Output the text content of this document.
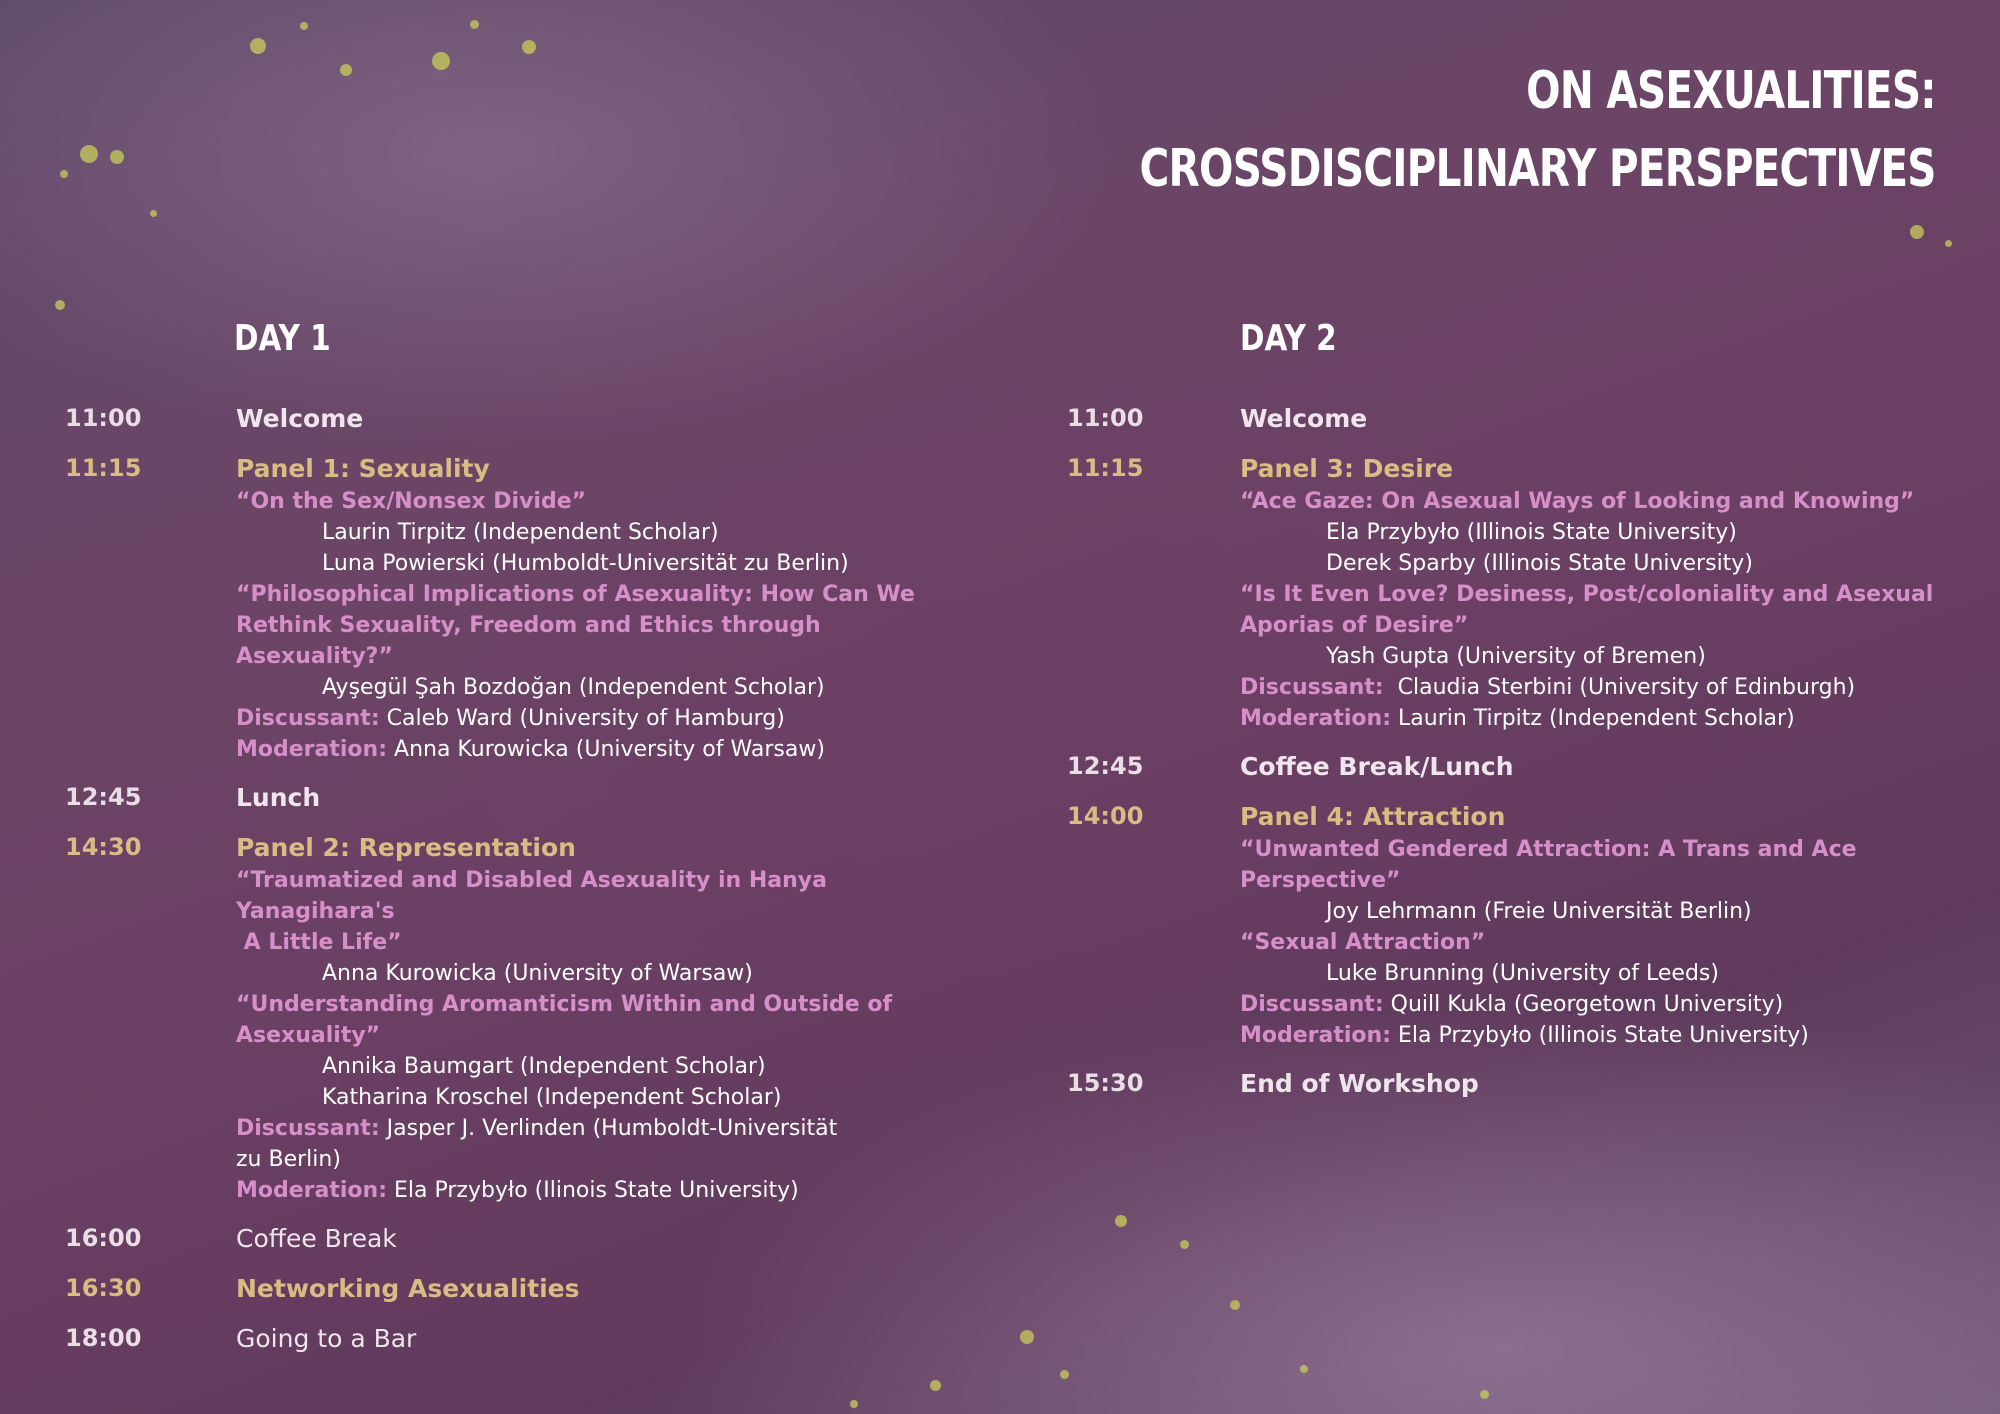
ON ASEXUALITIES:
CROSSDISCIPLINARY PERSPECTIVES
DAY 1
11:00	Welcome
11:15	Panel 1: Sexuality
“On the Sex/Nonsex Divide”
Laurin Tirpitz (Independent Scholar)
Luna Powierski (Humboldt-Universität zu Berlin)
“Philosophical Implications of Asexuality: How Can We
Rethink Sexuality, Freedom and Ethics through Asexuality?”
Ayşegül Şah Bozdoğan (Independent Scholar)
Discussant: Caleb Ward (University of Hamburg)
Moderation: Anna Kurowicka (University of Warsaw)
12:45	Lunch
14:30	Panel 2: Representation
“Traumatized and Disabled Asexuality in Hanya Yanagihara's
A Little Life”
Anna Kurowicka (University of Warsaw)
“Understanding Aromanticism Within and Outside of
Asexuality”
Annika Baumgart (Independent Scholar)
Katharina Kroschel (Independent Scholar)
Discussant: Jasper J. Verlinden (Humboldt-Universität
zu Berlin)
Moderation: Ela Przybyło (Ilinois State University)
16:00	Coffee Break
16:30	Networking Asexualities
18:00	Going to a Bar
DAY 2
11:00	Welcome
11:15	Panel 3: Desire
“Ace Gaze: On Asexual Ways of Looking and Knowing”
Ela Przybyło (Illinois State University)
Derek Sparby (Illinois State University)
“Is It Even Love? Desiness, Post/coloniality and Asexual
Aporias of Desire”
Yash Gupta (University of Bremen)
Discussant:  Claudia Sterbini (University of Edinburgh)
Moderation: Laurin Tirpitz (Independent Scholar)
12:45	Coffee Break/Lunch
14:00	Panel 4: Attraction
“Unwanted Gendered Attraction: A Trans and Ace
Perspective”
Joy Lehrmann (Freie Universität Berlin)
“Sexual Attraction”
Luke Brunning (University of Leeds)
Discussant: Quill Kukla (Georgetown University)
Moderation: Ela Przybyło (Illinois State University)
15:30	End of Workshop
